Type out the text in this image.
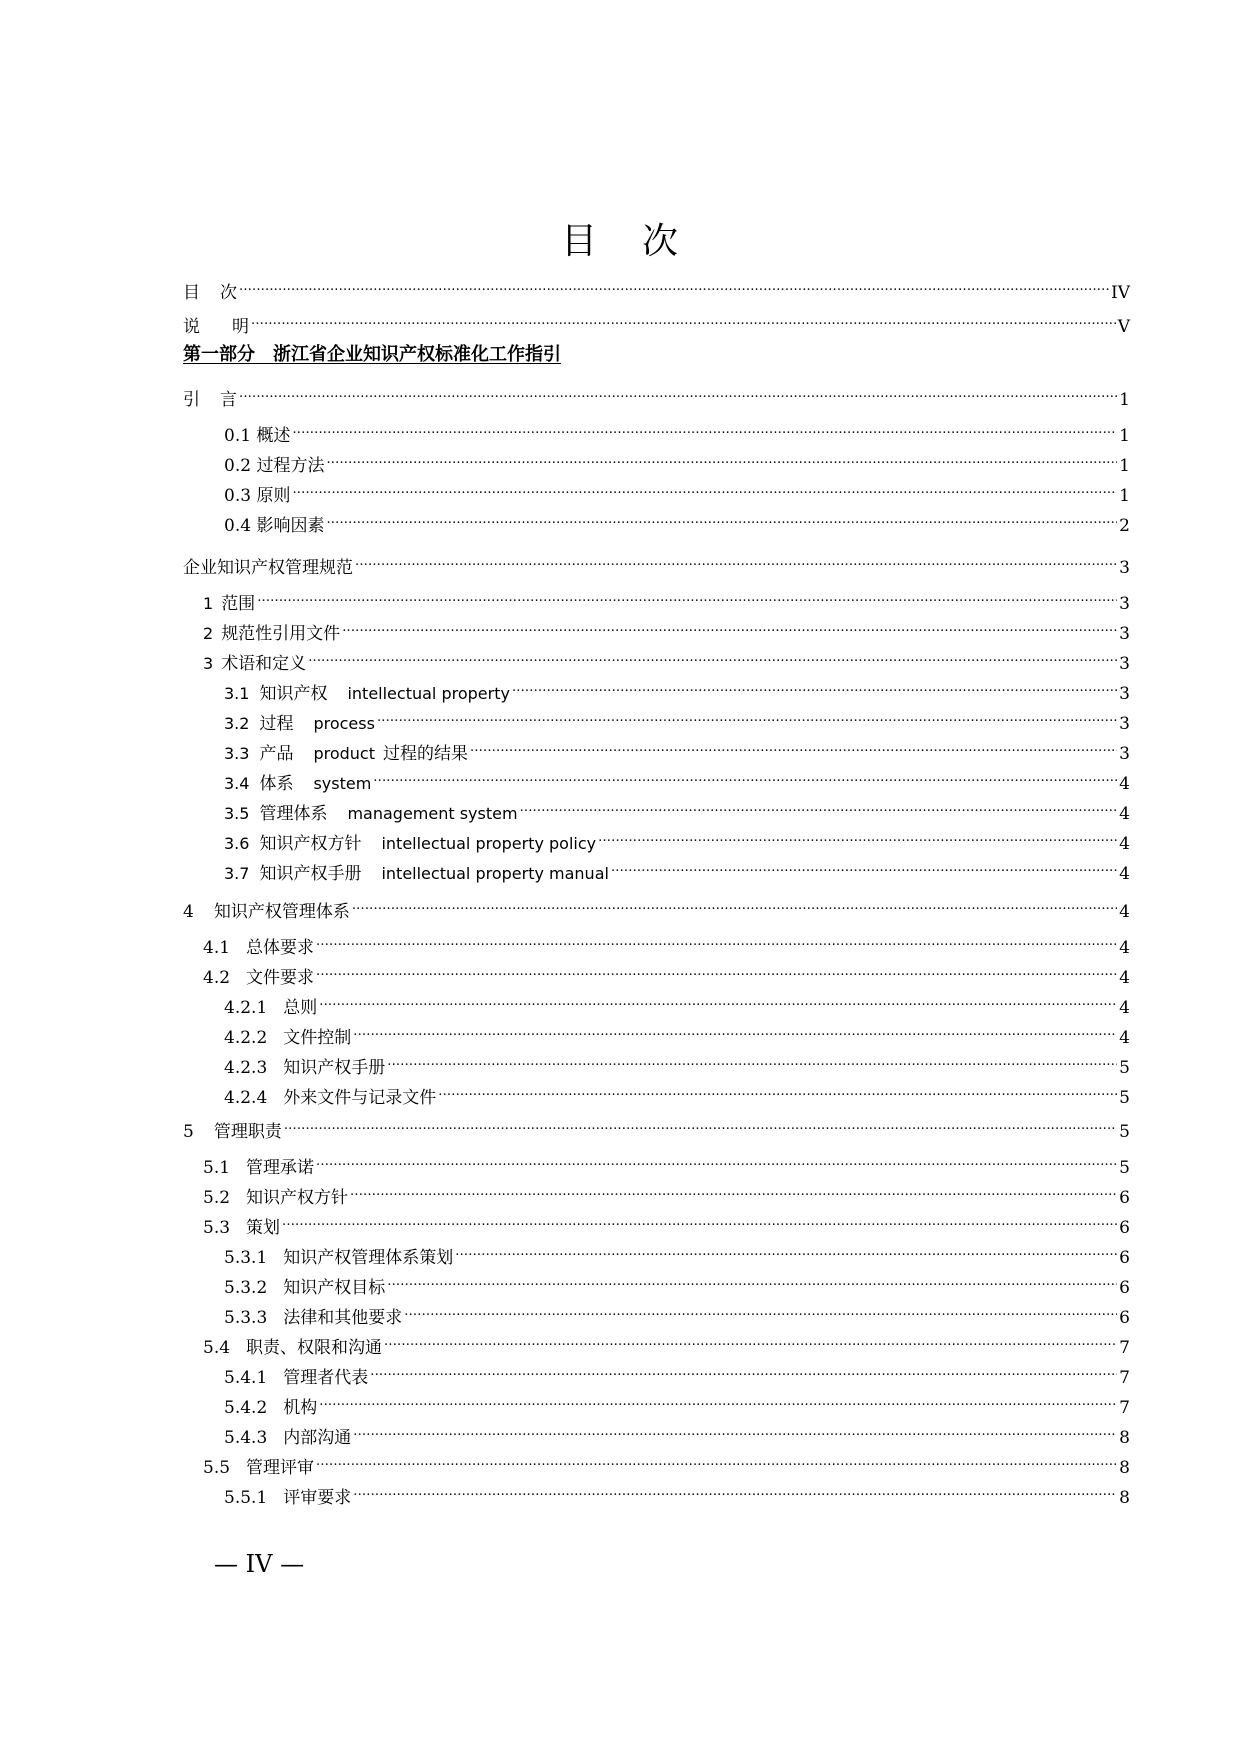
目 次
目 次 .....	IV
说 明 .....	V
第一部分　浙江省企业知识产权标准化工作指引
引 言 .....	1
0.1 概述 .....	1
0.2 过程方法 .....	1
0.3 原则 .....	1
0.4 影响因素 .....	2
企业知识产权管理规范 .....	3
1 范围 .....	3
2 规范性引用文件 .....	3
3 术语和定义 .....	3
3.1 知识产权 intellectual property .....	3
3.2 过程 process .....	3
3.3 产品 product 过程的结果 .....	3
3.4 体系 system .....	4
3.5 管理体系 management system .....	4
3.6 知识产权方针 intellectual property policy .....	4
3.7 知识产权手册 intellectual property manual .....	4
4 知识产权管理体系 .....	4
4.1 总体要求 .....	4
4.2 文件要求 .....	4
4.2.1 总则 .....	4
4.2.2 文件控制 .....	4
4.2.3 知识产权手册 .....	5
4.2.4 外来文件与记录文件 .....	5
5 管理职责 .....	5
5.1 管理承诺 .....	5
5.2 知识产权方针 .....	6
5.3 策划 .....	6
5.3.1 知识产权管理体系策划 .....	6
5.3.2 知识产权目标 .....	6
5.3.3 法律和其他要求 .....	6
5.4 职责、权限和沟通 .....	7
5.4.1 管理者代表 .....	7
5.4.2 机构 .....	7
5.4.3 内部沟通 .....	8
5.5 管理评审 .....	8
5.5.1 评审要求 .....	8
— IV —
